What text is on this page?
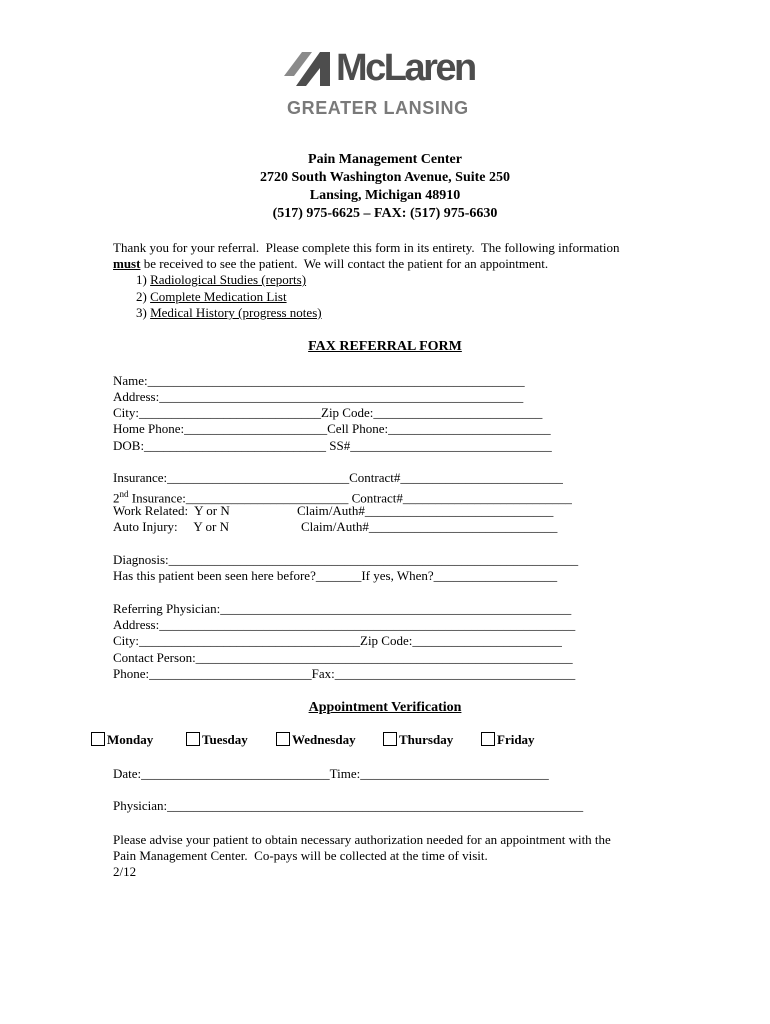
McLaren
GREATER LANSING
Pain Management Center
2720 South Washington Avenue, Suite 250
Lansing, Michigan 48910
(517) 975-6625 – FAX: (517) 975-6630
Thank you for your referral.  Please complete this form in its entirety.  The following information
must be received to see the patient.  We will contact the patient for an appointment.
1) Radiological Studies (reports)
2) Complete Medication List
3) Medical History (progress notes)
FAX REFERRAL FORM
Name:__________________________________________________________
Address:________________________________________________________
City:____________________________Zip Code:__________________________
Home Phone:______________________Cell Phone:_________________________
DOB:____________________________ SS#_______________________________
Insurance:____________________________Contract#_________________________
2nd Insurance:_________________________ Contract#__________________________
Work Related:  Y or N	Claim/Auth#_____________________________
Auto Injury:     Y or N	Claim/Auth#_____________________________
Diagnosis:_______________________________________________________________
Has this patient been seen here before?_______If yes, When?___________________
Referring Physician:______________________________________________________
Address:________________________________________________________________
City:__________________________________Zip Code:_______________________
Contact Person:__________________________________________________________
Phone:_________________________Fax:_____________________________________
Appointment Verification
Monday	Tuesday	Wednesday	Thursday	Friday
Date:_____________________________Time:_____________________________
Physician:________________________________________________________________
Please advise your patient to obtain necessary authorization needed for an appointment with the
Pain Management Center.  Co-pays will be collected at the time of visit.
2/12
